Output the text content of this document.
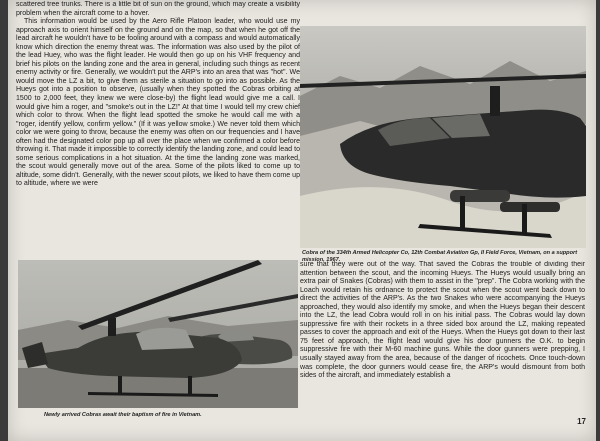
scattered tree trunks. There is a little bit of sun on the ground, which may create a visibility problem when the aircraft come to a hover.

This information would be used by the Aero Rifle Platoon leader, who would use my approach axis to orient himself on the ground and on the map, so that when he got off the lead aircraft he wouldn't have to be fooling around with a compass and would automatically know which direction the enemy threat was. The information was also used by the pilot of the lead Huey, who was the flight leader. He would then go up on his VHF frequency and brief his pilots on the landing zone and the area in general, including such things as recent enemy activity or fire. Generally, we wouldn't put the ARP's into an area that was "hot". We would move the LZ a bit, to give them as sterile a situation to go into as possible. As the Hueys got into a position to observe, (usually when they spotted the Cobras orbiting at 1500 to 2,000 feet, they knew we were close-by) the flight lead would give me a call. I would give him a roger, and "smoke's out in the LZ!" At that time I would tell my crew chief which color to throw. When the flight lead spotted the smoke he would call me with a "roger, identify yellow, confirm yellow." (If it was yellow smoke.) We never told them which color we were going to throw, because the enemy was often on our frequencies and I have often had the designated color pop up all over the place when we confirmed a color before throwing it. That made it impossible to correctly identify the landing zone, and could lead to some serious complications in a hot situation. At the time the landing zone was marked, the scout would generally move out of the area. Some of the pilots liked to come up to altitude, some didn't. Generally, with the newer scout pilots, we liked to have them come up to altitude, where we were

Cobra of the 334th Armed Helicopter Co, 12th Combat Aviation Gp, II Field Force, Vietnam, on a support mission, 1967.
Newly arrived Cobras await their baptism of fire in Vietnam.

sure that they were out of the way. That saved the Cobras the trouble of dividing their attention between the scout, and the incoming Hueys. The Hueys would usually bring an extra pair of Snakes (Cobras) with them to assist in the "prep". The Cobra working with the Loach would retain his ordnance to protect the scout when the scout went back down to direct the activities of the ARP's. As the two Snakes who were accompanying the Hueys approached, they would also identify my smoke, and when the Hueys began their descent into the LZ, the lead Cobra would roll in on his initial pass. The Cobras would lay down suppressive fire with their rockets in a three sided box around the LZ, making repeated passes to cover the approach and exit of the Hueys. When the Hueys got down to their last 75 feet of approach, the flight lead would give his door gunners the O.K. to begin suppressive fire with their M-60 machine guns. While the door gunners were prepping, I usually stayed away from the area, because of the danger of ricochets. Once touch-down was complete, the door gunners would cease fire, the ARP's would dismount from both sides of the aircraft, and immediately establish a

17
